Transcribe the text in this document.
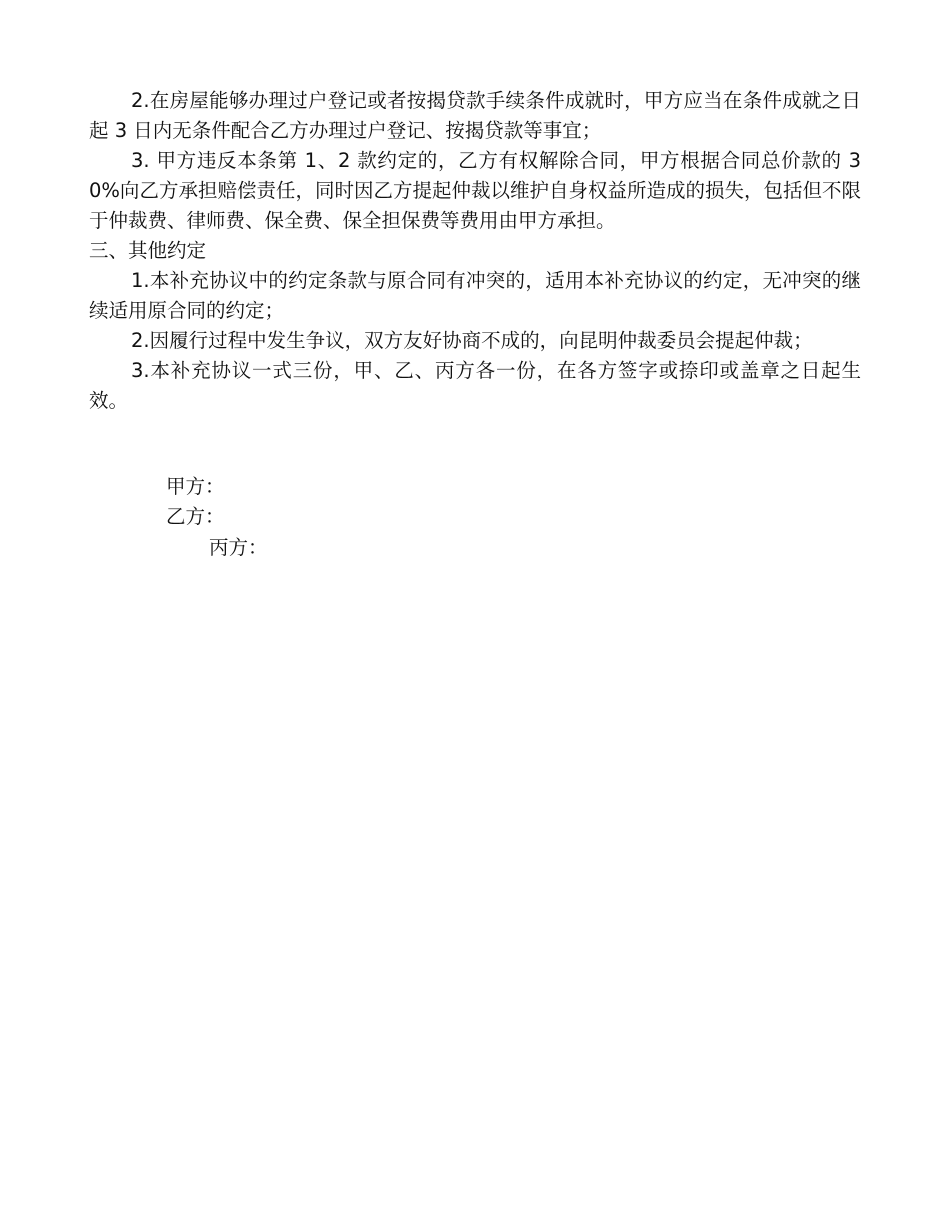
2.在房屋能够办理过户登记或者按揭贷款手续条件成就时，甲方应当在条件成就之日起 3 日内无条件配合乙方办理过户登记、按揭贷款等事宜；

3. 甲方违反本条第 1、2 款约定的，乙方有权解除合同，甲方根据合同总价款的 30%向乙方承担赔偿责任，同时因乙方提起仲裁以维护自身权益所造成的损失，包括但不限于仲裁费、律师费、保全费、保全担保费等费用由甲方承担。

三、其他约定

1.本补充协议中的约定条款与原合同有冲突的，适用本补充协议的约定，无冲突的继续适用原合同的约定；

2.因履行过程中发生争议，双方友好协商不成的，向昆明仲裁委员会提起仲裁；

3.本补充协议一式三份，甲、乙、丙方各一份，在各方签字或捺印或盖章之日起生效。

甲方：
乙方：
丙方：
